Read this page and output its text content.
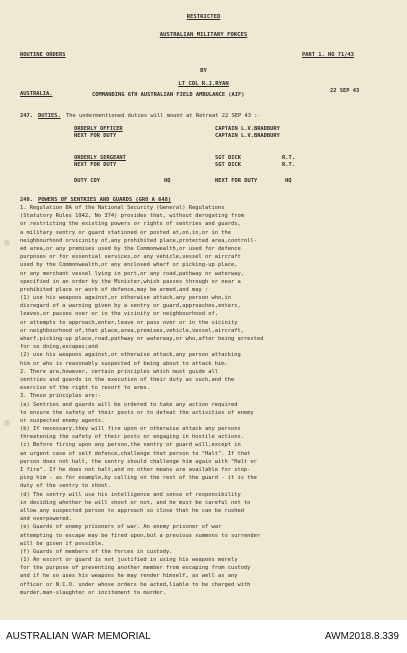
RESTRICTED
AUSTRALIAN MILITARY FORCES
ROUTINE ORDERS	PART 1. NO 71/43
BY
LT COL R.J.RYAN
AUSTRALIA.	COMMANDING 6TH AUSTRALIAN FIELD AMBULANCE (AIF)
22 SEP 43
247. DUTIES. The undermentioned duties will mount at Retreat 22 SEP 43 :-
ORDERLY OFFICER	CAPTAIN L.V.BRADBURY
NEXT FOR DUTY	CAPTAIN L.V.BRADBURY
ORDERLY SERGEANT	SGT DICK	R.T.
NEXT FOR DUTY	SGT DICK	R.T.
DUTY COY	HQ	NEXT FOR DUTY	HQ
248. POWERS OF SENTRIES AND GUARDS (GRO A 648)
1. Regulation 8A of the National Security (General) Regulations
(Statutory Rules 1942, No 374) provides that, without derogating from
or restricting the existing powers or rights of sentries and guards,
a military sentry or guard stationed or posted at,on,in,or in the
neighbourhood orvicinity of,any prohibited place,protected area,controll-
ed area,or any premises used by the Commonwealth,or used for defence
purposes or for essential services,or any vehicle,vessel or aircraft
used by the Commonwealth,or any enclosed wharf or picking-up place,
or any merchant vessel lying in port,or any road,pathway or waterway,
specified in an order by the Minister,which passes through or near a
prohibited place or work of defence,may be armed,and may :
(1) use his weapons against,or otherwise attack,any person who,in
disregard of a warning given by a sentry or guard,approaches,enters,
leaves,or passes over or in the vicinity or neighbourhood of,
or attempts to approach,enter,leave or pass over or in the vicinity
or neighbourhood of,that place,area,premises,vehicle,vessel,aircraft,
wharf,picking-up place,road,pathway or waterway,or who,after being arrested
for so doing,escapes;and
(2) use his weapons against,or otherwise attack,any person attacking
him or who is reasonably suspected of being about to attack him.
2. There are,however, certain principles which must guide all
sentries and guards in the execution of their duty as such,and the
exercise of the right to resort to arms.
3. These principles are:-
(a) Sentries and guards will be ordered to take any action required
to ensure the safety of their posts or to defeat the activities of enemy
or suspected enemy agents.
(b) If necessary,they will fire upon or otherwise attack any persons
threatening the safety of their posts or engaging in hostile actions.
(c) Before firing upon any person,the sentry or guard will,except in
an urgent case of self defence,challenge that person to "Halt". If that
person does not halt, the sentry should challenge him again with "Halt or
I fire". If he does not halt,and no other means are available for stop-
ping him - as for example,by calling on the rest of the guard - it is the
duty of the sentry to shoot.
(d) The sentry will use his intelligence and sense of responsibility
in deciding whether he will shoot or not, and he must be careful not to
allow any suspected person to approach so close that he can be rushed
and overpowered.
(e) Guards of enemy prisoners of war. An enemy prisoner of war
attempting to escape may be fired upon,but a previous summons to surrender
will be given if possible.
(f) Guards of members of the forces in custody.
(1) An escort or guard is not justified in using his weapons merely
for the purpose of preventing another member from escaping from custody
and if he so uses his weapons he may render himself, as well as any
officer or N.C.O. under whose orders he acted,liable to be charged with
murder,man-slaughter or incitement to murder.
AUSTRALIAN WAR MEMORIAL	AWM2018.8.339
